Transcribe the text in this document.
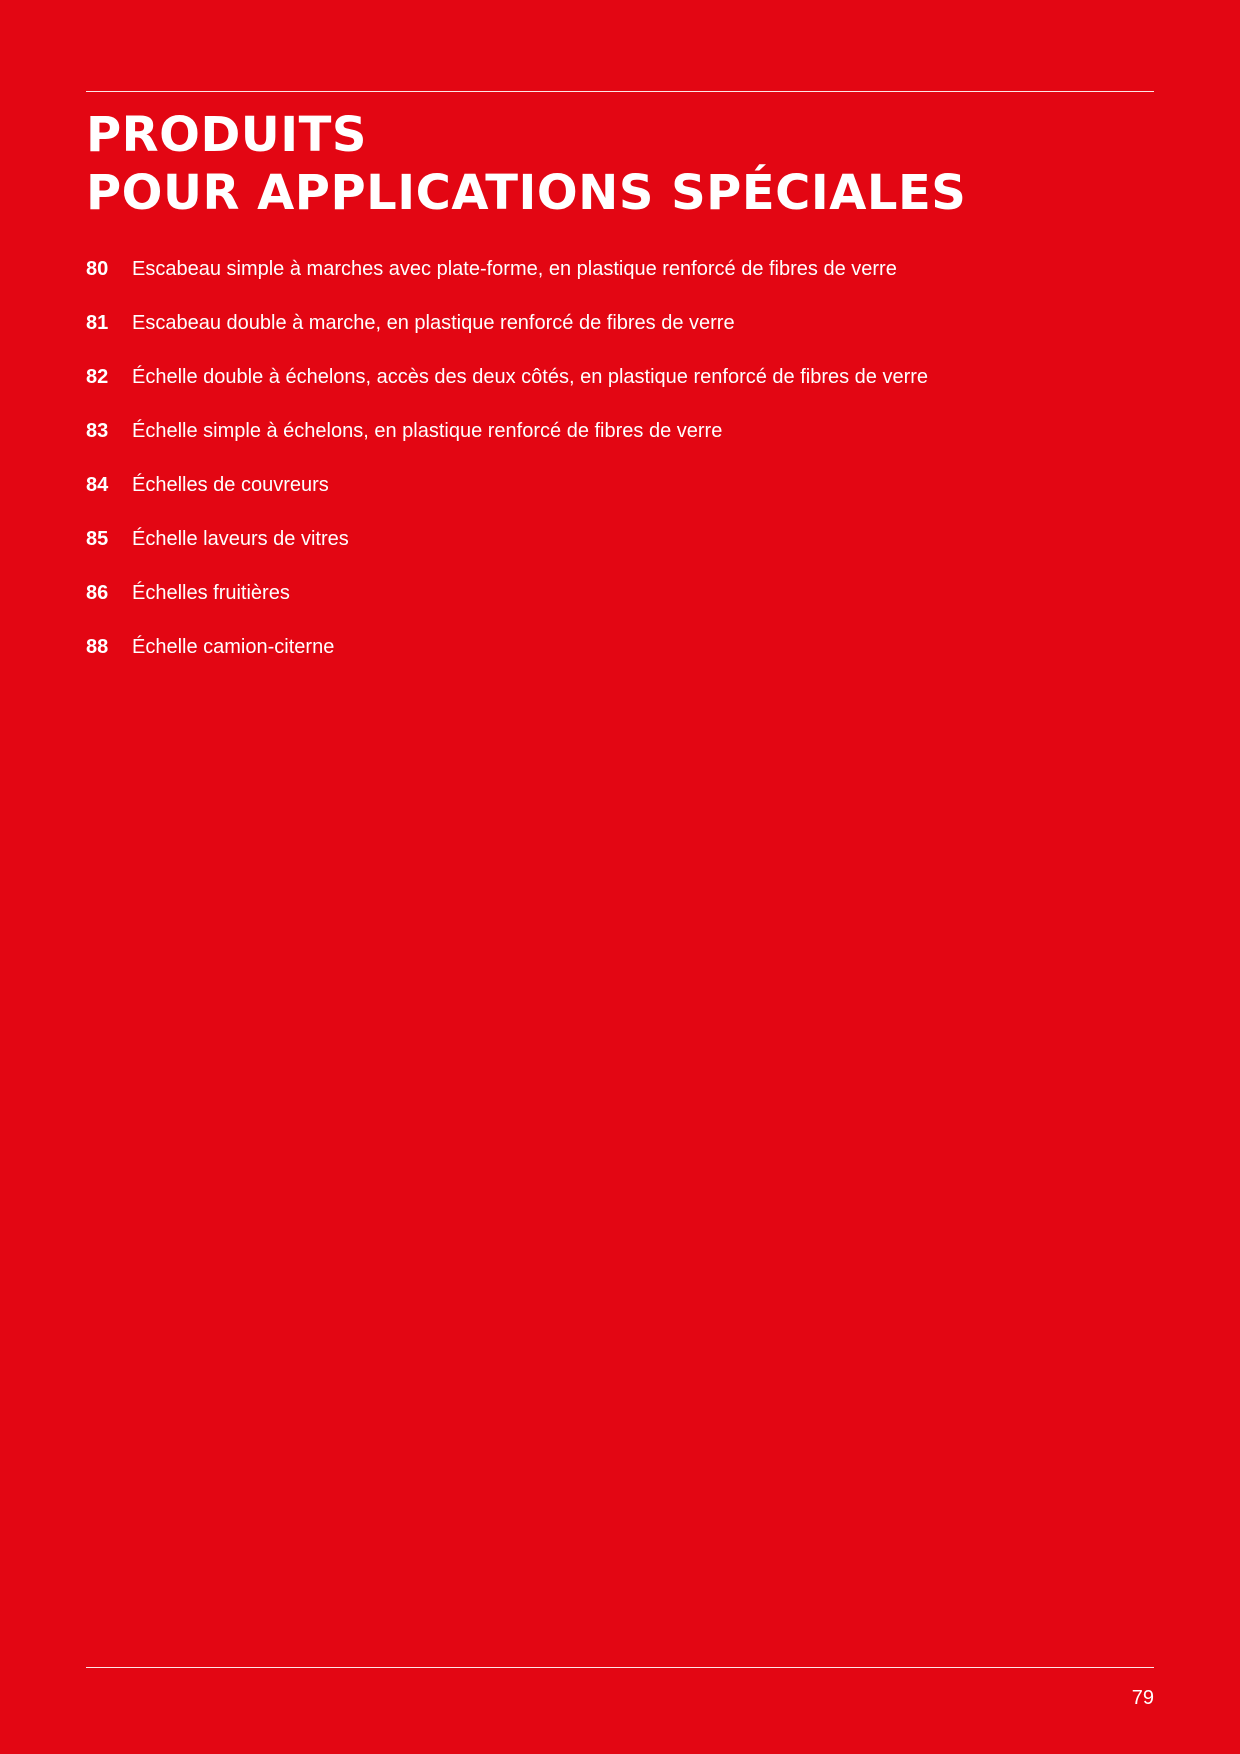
PRODUITS
POUR APPLICATIONS SPÉCIALES
80	Escabeau simple à marches avec plate-forme, en plastique renforcé de fibres de verre
81	Escabeau double à marche, en plastique renforcé de fibres de verre
82	Échelle double à échelons, accès des deux côtés, en plastique renforcé de fibres de verre
83	Échelle simple à échelons, en plastique renforcé de fibres de verre
84	Échelles de couvreurs
85	Échelle laveurs de vitres
86	Échelles fruitières
88	Échelle camion-citerne
79
